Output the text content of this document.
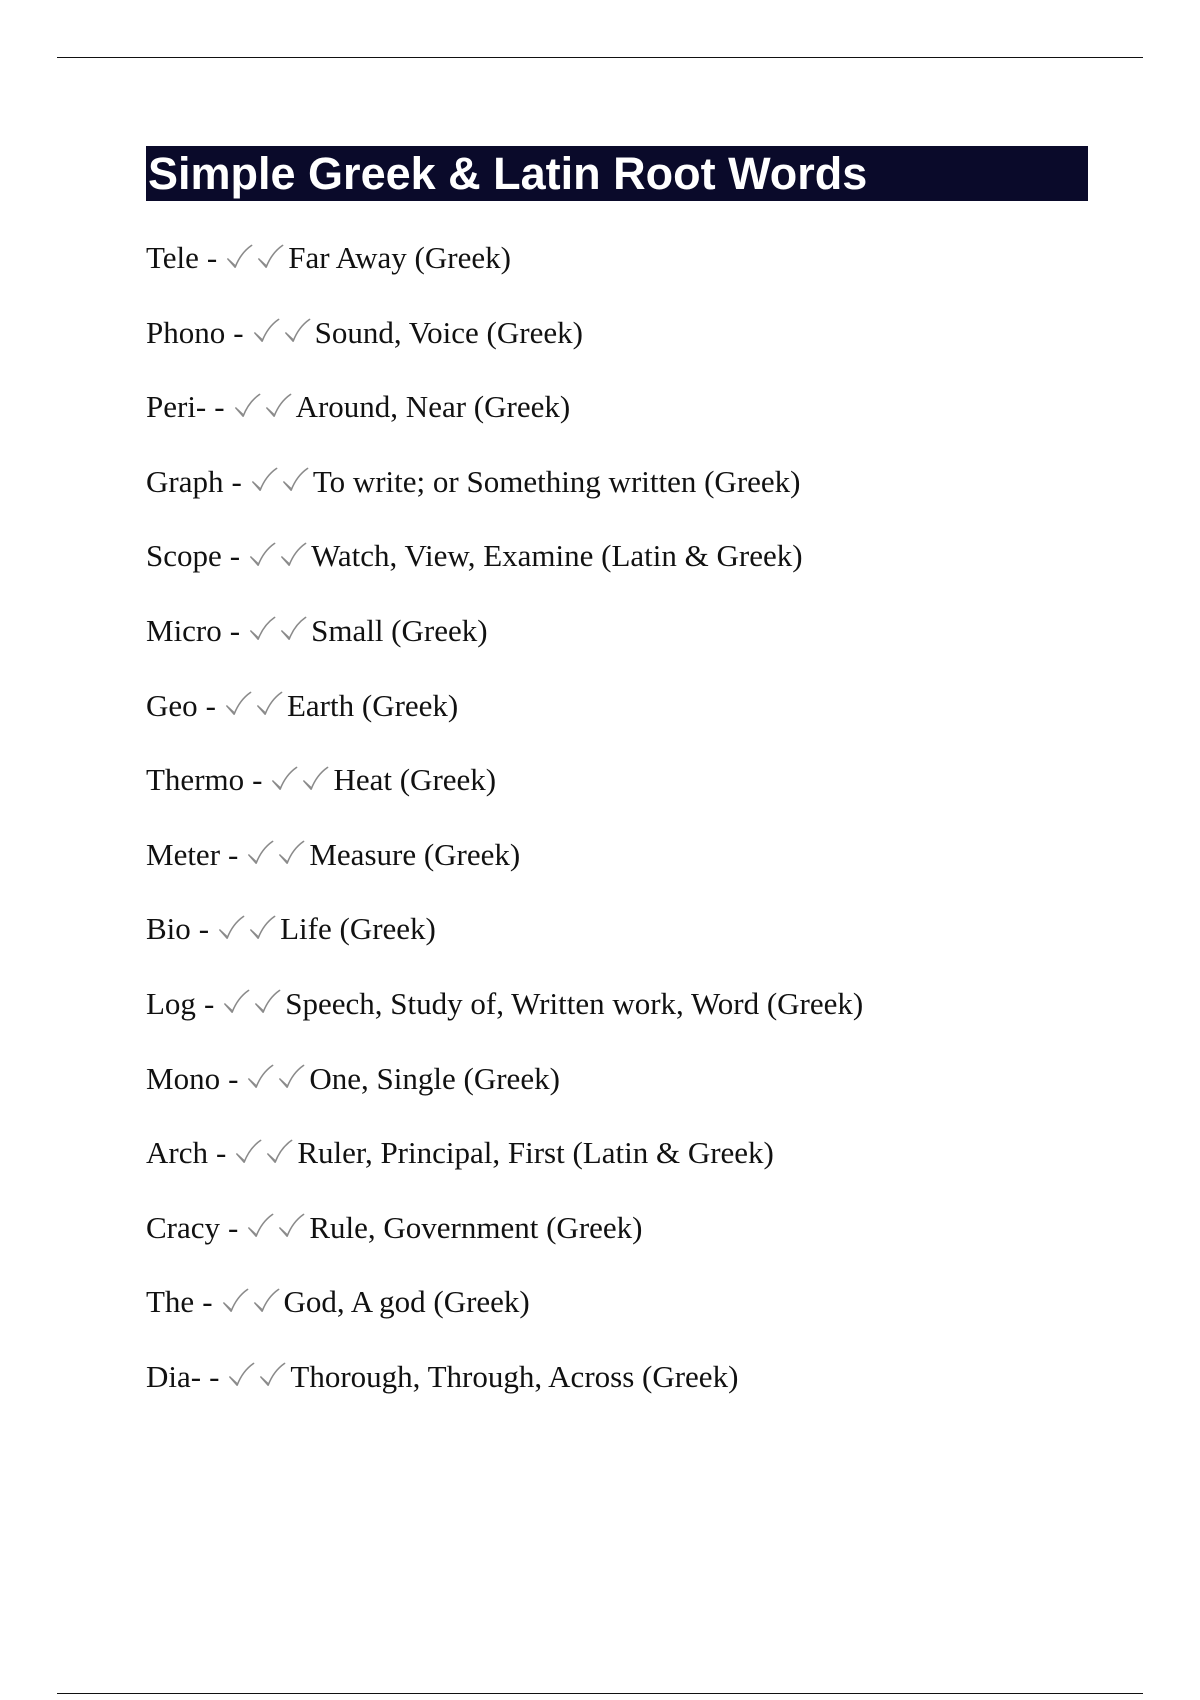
Simple Greek & Latin Root Words
Tele - Far Away (Greek)
Phono - Sound, Voice (Greek)
Peri- - Around, Near (Greek)
Graph - To write; or Something written (Greek)
Scope - Watch, View, Examine (Latin & Greek)
Micro - Small (Greek)
Geo - Earth (Greek)
Thermo - Heat (Greek)
Meter - Measure (Greek)
Bio - Life (Greek)
Log - Speech, Study of, Written work, Word (Greek)
Mono - One, Single (Greek)
Arch - Ruler, Principal, First (Latin & Greek)
Cracy - Rule, Government (Greek)
The - God, A god (Greek)
Dia- - Thorough, Through, Across (Greek)
